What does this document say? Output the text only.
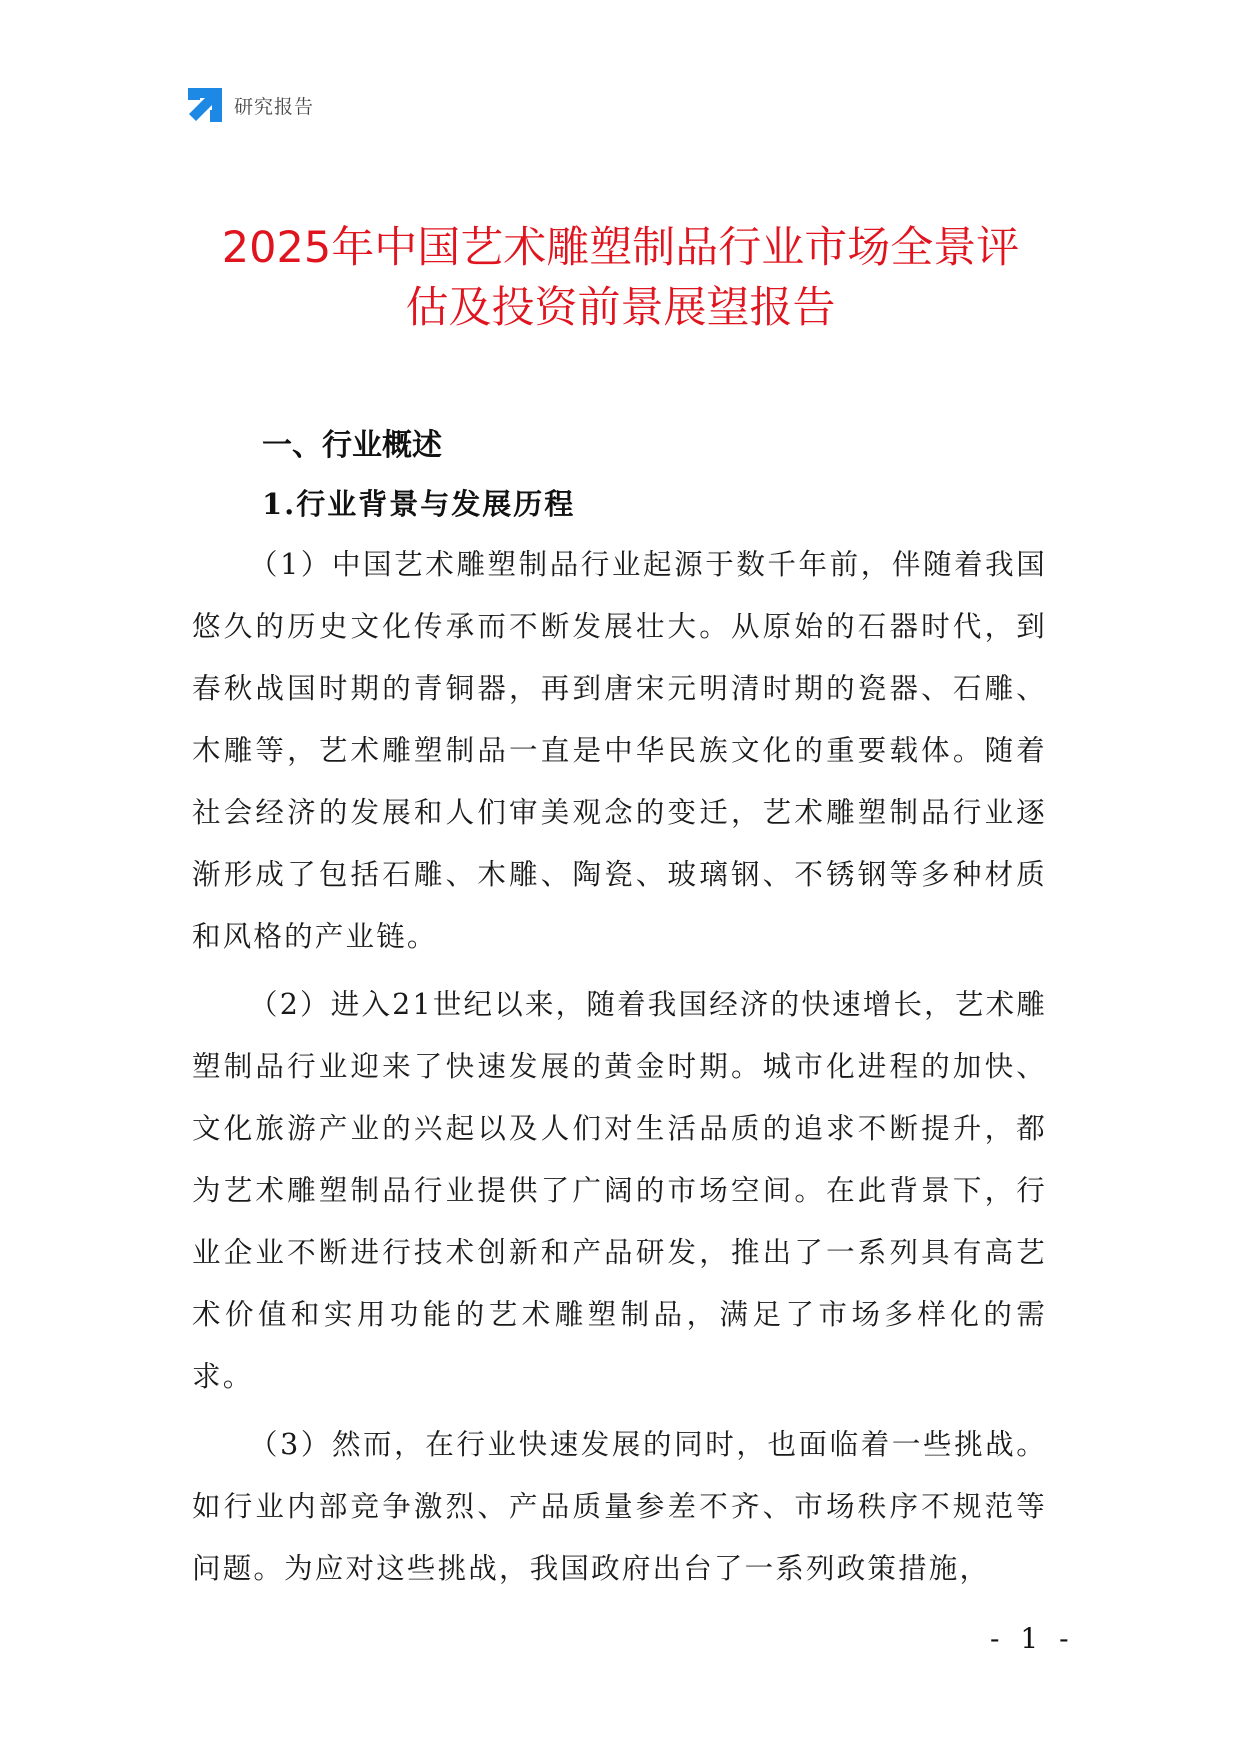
研究报告
2025年中国艺术雕塑制品行业市场全景评
估及投资前景展望报告
一、行业概述
1.行业背景与发展历程

（1）中国艺术雕塑制品行业起源于数千年前，伴随着我国悠久的历史文化传承而不断发展壮大。从原始的石器时代，到春秋战国时期的青铜器，再到唐宋元明清时期的瓷器、石雕、木雕等，艺术雕塑制品一直是中华民族文化的重要载体。随着社会经济的发展和人们审美观念的变迁，艺术雕塑制品行业逐渐形成了包括石雕、木雕、陶瓷、玻璃钢、不锈钢等多种材质和风格的产业链。

（2）进入21世纪以来，随着我国经济的快速增长，艺术雕塑制品行业迎来了快速发展的黄金时期。城市化进程的加快、文化旅游产业的兴起以及人们对生活品质的追求不断提升，都为艺术雕塑制品行业提供了广阔的市场空间。在此背景下，行业企业不断进行技术创新和产品研发，推出了一系列具有高艺术价值和实用功能的艺术雕塑制品，满足了市场多样化的需求。

（3）然而，在行业快速发展的同时，也面临着一些挑战。如行业内部竞争激烈、产品质量参差不齐、市场秩序不规范等问题。为应对这些挑战，我国政府出台了一系列政策措施，

- 1 -
